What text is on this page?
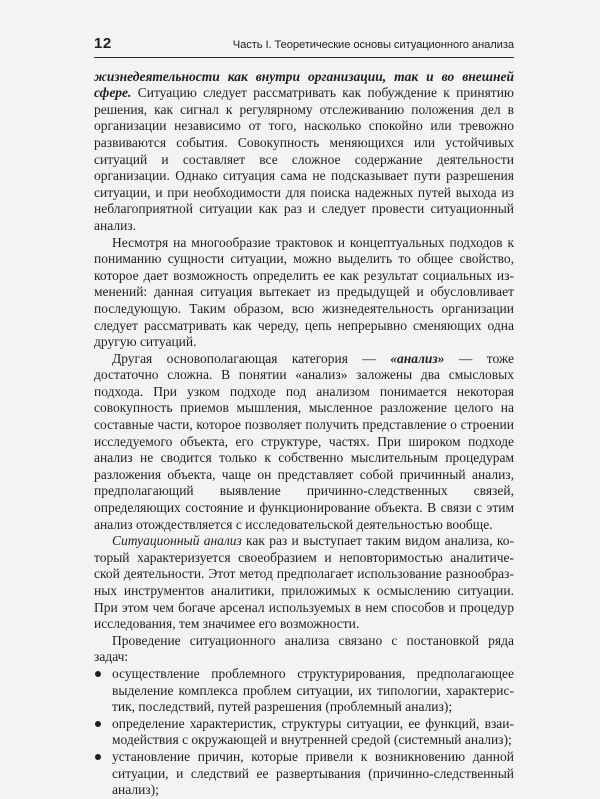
12	Часть I. Теоретические основы ситуационного анализа

жизнедеятельности как внутри организации, так и во внешней сфере. Ситуацию следует рассматривать как побуждение к принятию решения, как сигнал к регулярному отслеживанию положения дел в организации независимо от того, насколько спокойно или тревожно развиваются события. Совокупность меняющихся или устойчивых ситуаций и составляет все сложное содержание деятельности организации. Однако ситуация сама не подсказывает пути разрешения ситуации, и при необходимости для поиска надежных путей выхода из неблагоприятной ситуации как раз и следует провести ситуационный анализ.

Несмотря на многообразие трактовок и концептуальных подходов к пониманию сущности ситуации, можно выделить то общее свойство, которое дает возможность определить ее как результат социальных изменений: данная ситуация вытекает из предыдущей и обусловливает последующую. Таким образом, всю жизнедеятельность организации следует рассматривать как череду, цепь непрерывно сменяющих одна другую ситуаций.

Другая основополагающая категория — «анализ» — тоже достаточно сложна. В понятии «анализ» заложены два смысловых подхода. При узком подходе под анализом понимается некоторая совокупность приемов мышления, мысленное разложение целого на составные части, которое позволяет получить представление о строении исследуемого объекта, его структуре, частях. При широком подходе анализ не сводится только к собственно мыслительным процедурам разложения объекта, чаще он представляет собой причинный анализ, предполагающий выявление причинно-следственных связей, определяющих состояние и функционирование объекта. В связи с этим анализ отождествляется с исследовательской деятельностью вообще.

Ситуационный анализ как раз и выступает таким видом анализа, который характеризуется своеобразием и неповторимостью аналитической деятельности. Этот метод предполагает использование разнообразных инструментов аналитики, приложимых к осмыслению ситуации. При этом чем богаче арсенал используемых в нем способов и процедур исследования, тем значимее его возможности.

Проведение ситуационного анализа связано с постановкой ряда задач:

осуществление проблемного структурирования, предполагающее выделение комплекса проблем ситуации, их типологии, характеристик, последствий, путей разрешения (проблемный анализ);
определение характеристик, структуры ситуации, ее функций, взаимодействия с окружающей и внутренней средой (системный анализ);
установление причин, которые привели к возникновению данной ситуации, и следствий ее развертывания (причинно-следственный анализ);
